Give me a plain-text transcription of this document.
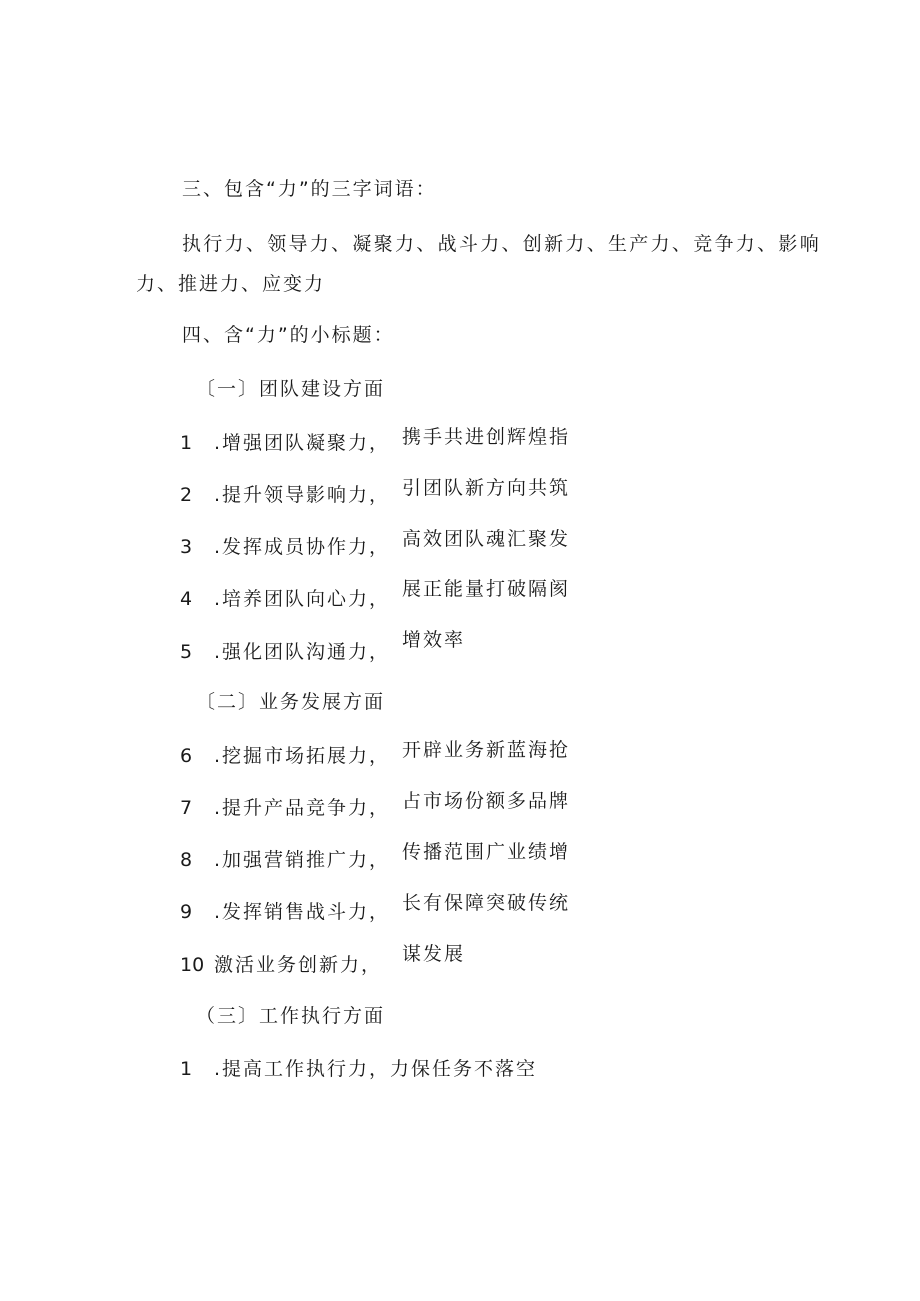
三、包含“力”的三字词语：
执行力、领导力、凝聚力、战斗力、创新力、生产力、竞争力、影响
力、推进力、应变力
四、含“力”的小标题：
〔一〕团队建设方面
1 .增强团队凝聚力， 携手共进创辉煌指
2 .提升领导影响力， 引团队新方向共筑
3 .发挥成员协作力， 高效团队魂汇聚发
4 .培养团队向心力， 展正能量打破隔阂
5 .强化团队沟通力，
增效率
〔二〕业务发展方面
6 .挖掘市场拓展力， 开辟业务新蓝海抢
7 .提升产品竞争力， 占市场份额多品牌
8 .加强营销推广力， 传播范围广业绩增
9 .发挥销售战斗力， 长有保障突破传统
10 激活业务创新力， 谋发展
（三〕工作执行方面
1 .提高工作执行力，力保任务不落空
